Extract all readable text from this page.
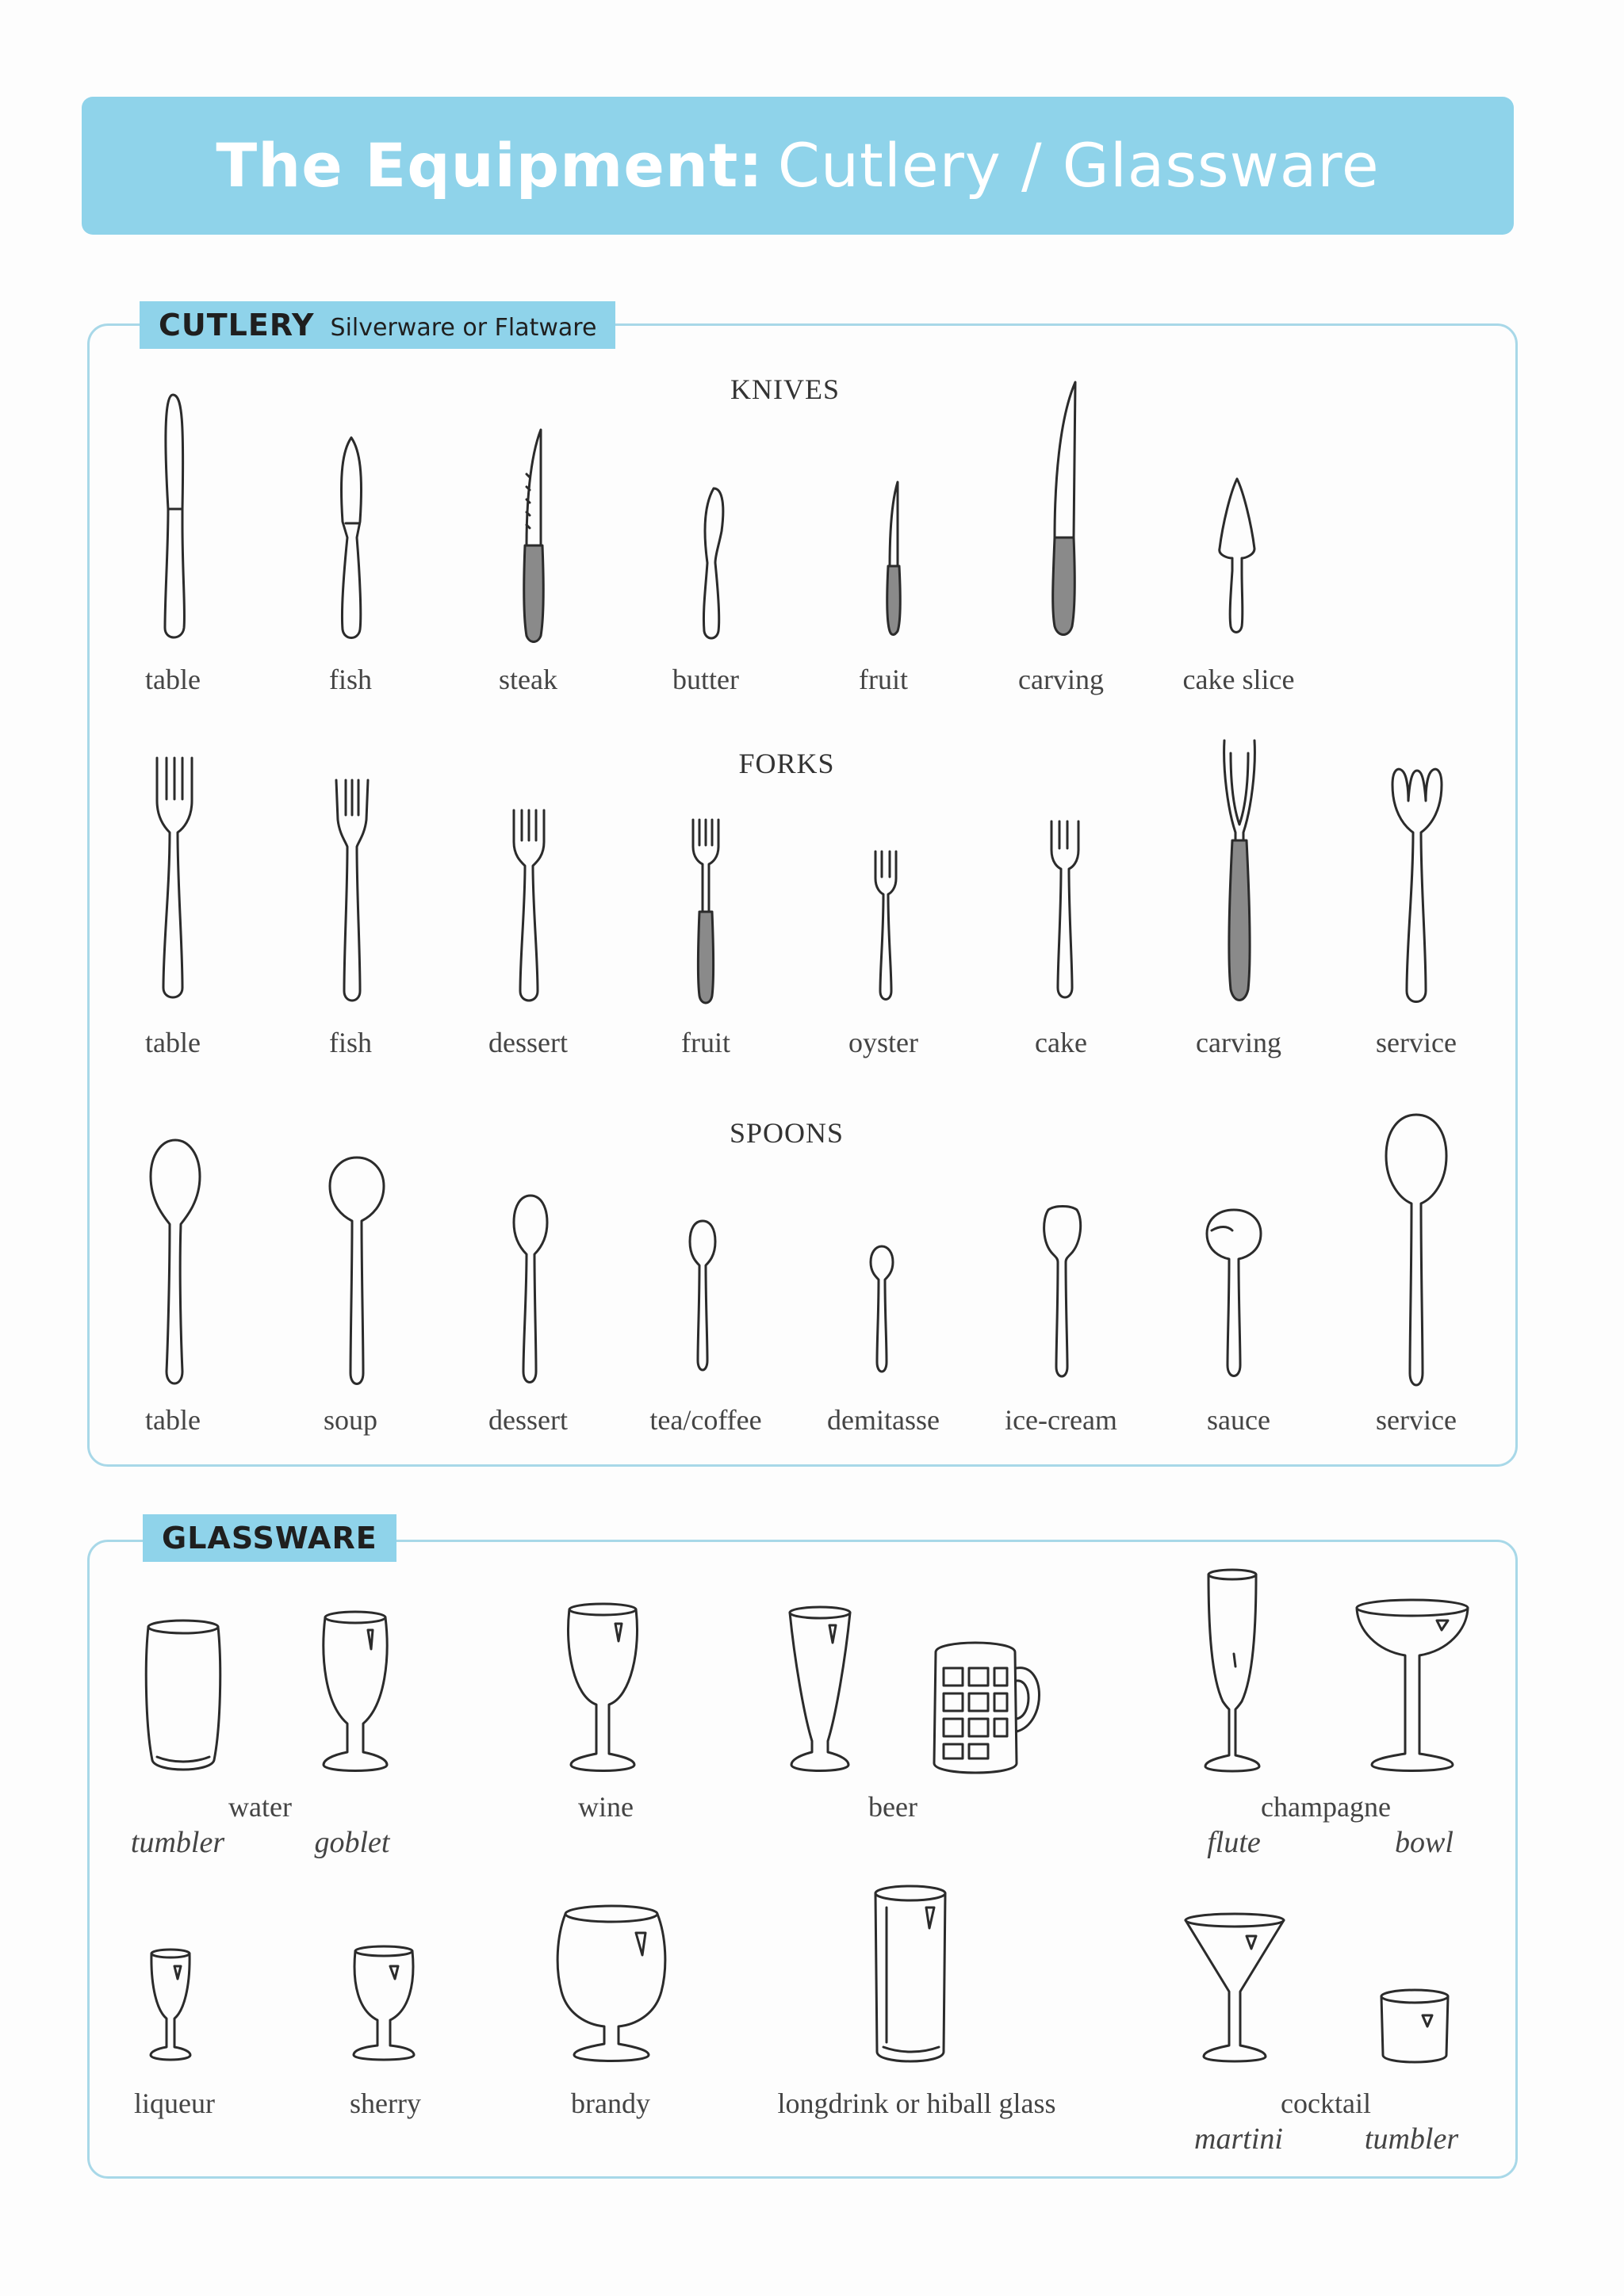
The Equipment: Cutlery / Glassware
CUTLERY Silverware or Flatware
KNIVES
table	fish	steak	butter	fruit	carving	cake slice
FORKS
table	fish	dessert	fruit	oyster	cake	carving	service
SPOONS
table	soup	dessert	tea/coffee	demitasse	ice-cream	sauce	service
GLASSWARE
water
tumbler	goblet
wine	beer	champagne
flute	bowl
liqueur	sherry	brandy	longdrink or hiball glass	cocktail
martini	tumbler
